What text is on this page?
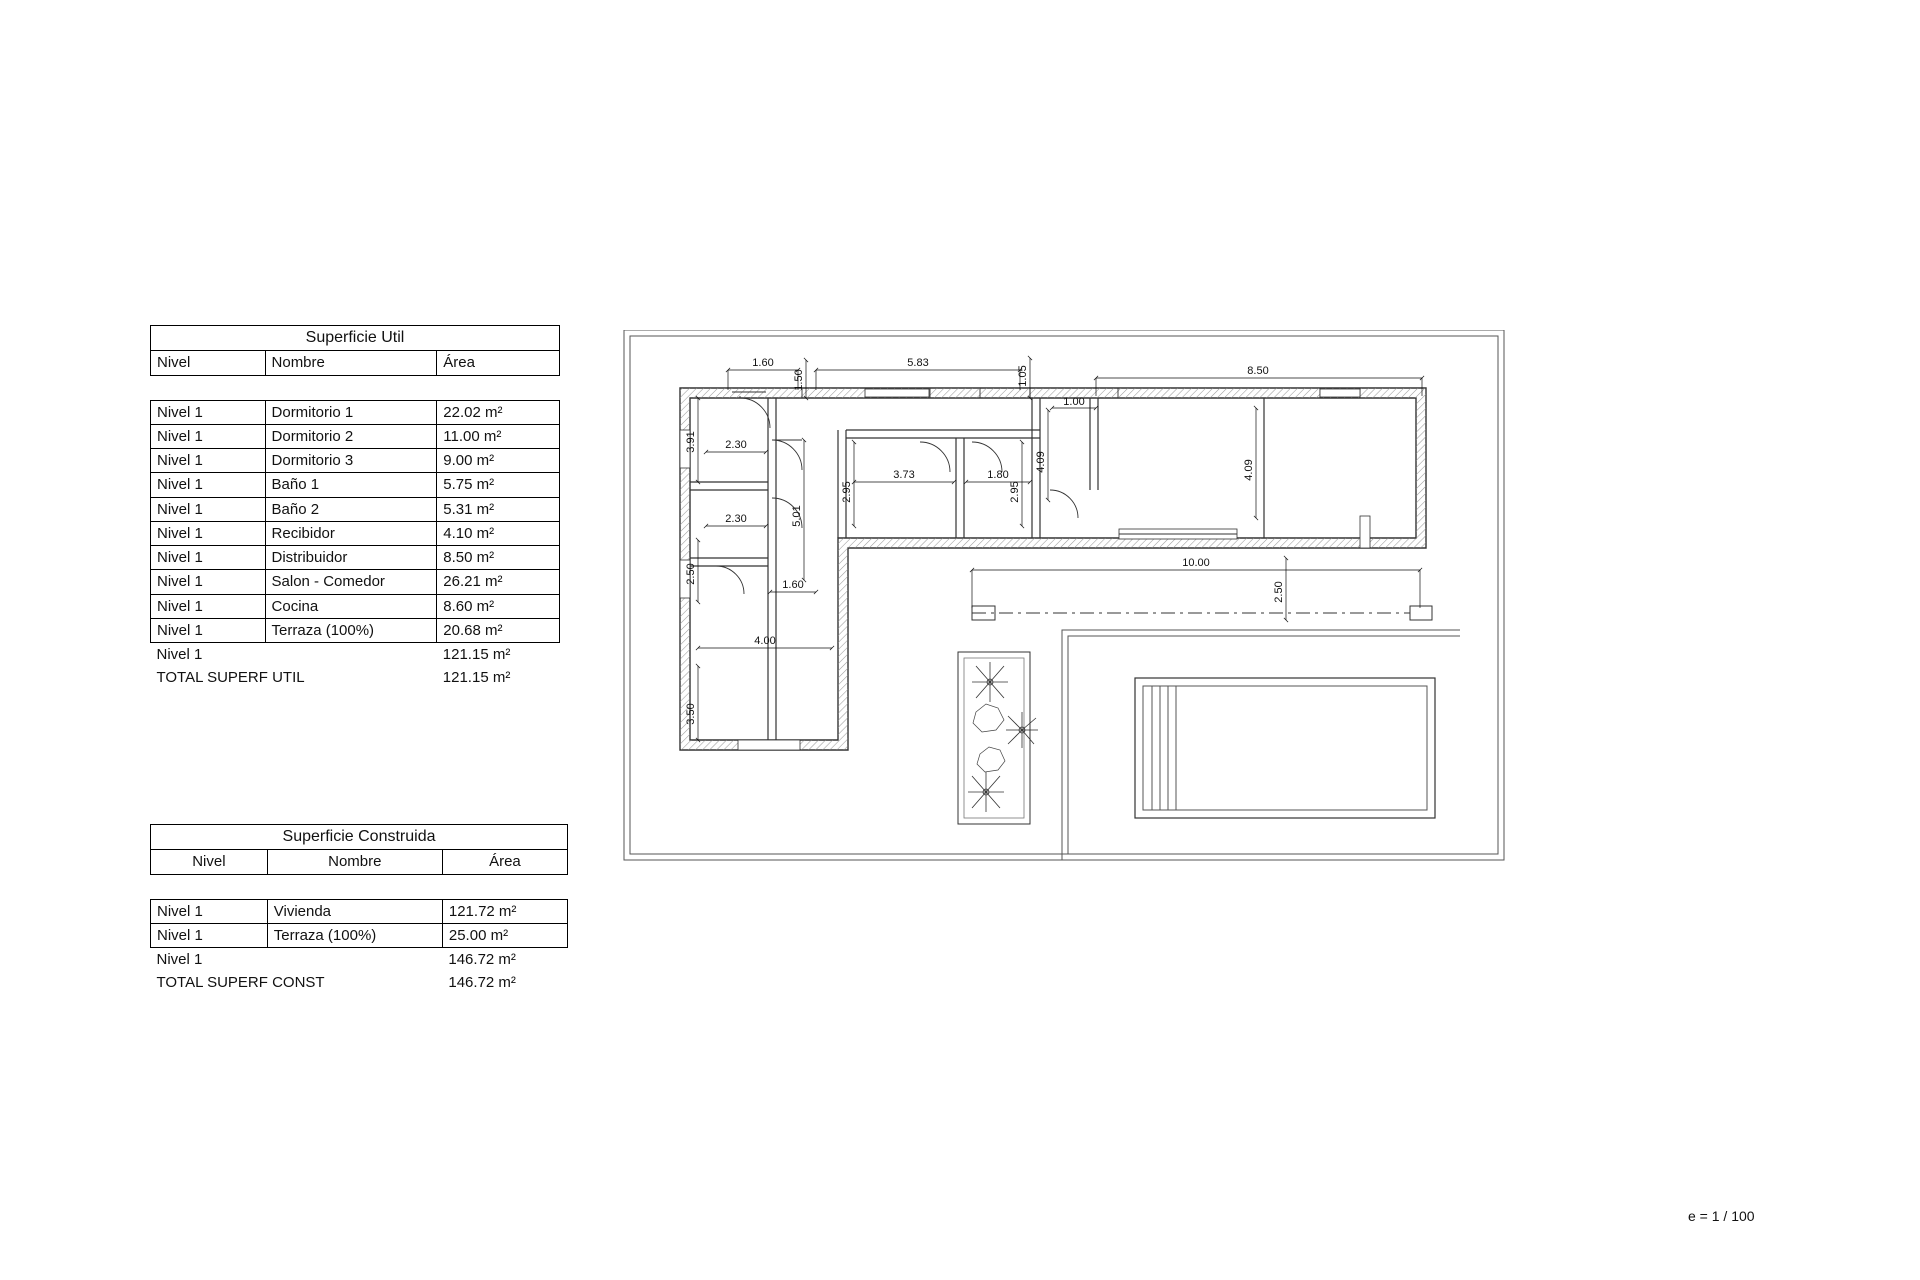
Superficie Util		
Nivel	Nombre	Área

Nivel 1	Dormitorio 1	22.02 m²
Nivel 1	Dormitorio 2	11.00 m²
Nivel 1	Dormitorio 3	9.00 m²
Nivel 1	Baño 1	5.75 m²
Nivel 1	Baño 2	5.31 m²
Nivel 1	Recibidor	4.10 m²
Nivel 1	Distribuidor	8.50 m²
Nivel 1	Salon - Comedor	26.21 m²
Nivel 1	Cocina	8.60 m²
Nivel 1	Terraza (100%)	20.68 m²
Nivel 1		121.15 m²
TOTAL SUPERF UTIL		121.15 m²
Superficie Construida		
Nivel	Nombre	Área

Nivel 1	Vivienda	121.72 m²
Nivel 1	Terraza (100%)	25.00 m²
Nivel 1		146.72 m²
TOTAL SUPERF CONST		146.72 m²
1.60
1.50
5.83
1.05
1.00
8.50
3.91	2.30
2.30
2.50
1.60
5.01
4.00
3.50
2.95
3.73	1.80
2.95
4.09	4.09
10.00
2.50
e = 1 / 100
